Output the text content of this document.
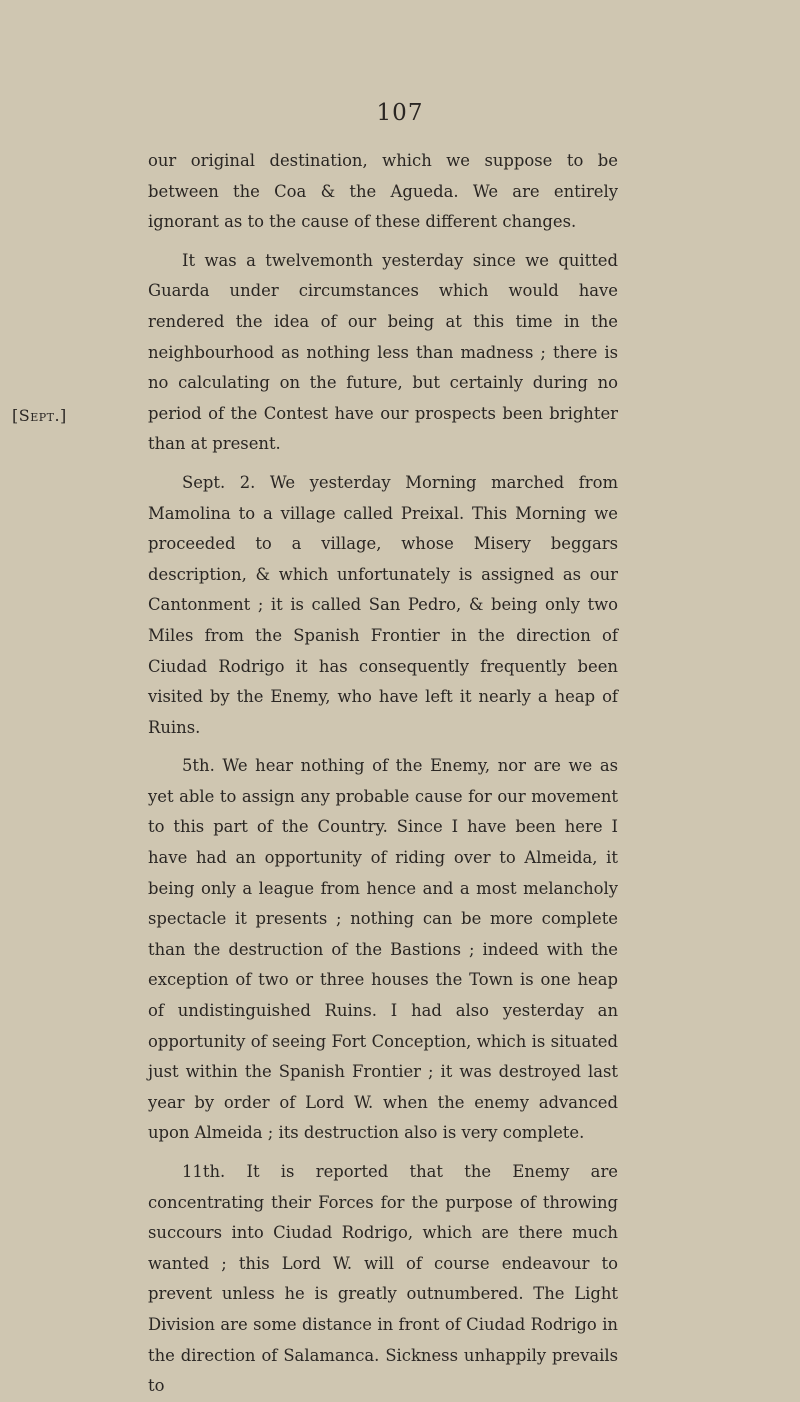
107
[Sept.]

our original destination, which we suppose to be between the Coa & the Agueda. We are entirely ignorant as to the cause of these different changes.

It was a twelvemonth yesterday since we quitted Guarda under circumstances which would have rendered the idea of our being at this time in the neighbourhood as nothing less than madness ; there is no calculating on the future, but certainly during no period of the Contest have our prospects been brighter than at present.

Sept. 2. We yesterday Morning marched from Mamolina to a village called Preixal. This Morning we proceeded to a village, whose Misery beggars description, & which unfortunately is assigned as our Cantonment ; it is called San Pedro, & being only two Miles from the Spanish Frontier in the direction of Ciudad Rodrigo it has consequently frequently been visited by the Enemy, who have left it nearly a heap of Ruins.

5th. We hear nothing of the Enemy, nor are we as yet able to assign any probable cause for our movement to this part of the Country. Since I have been here I have had an opportunity of riding over to Almeida, it being only a league from hence and a most melancholy spectacle it presents ; nothing can be more complete than the destruction of the Bastions ; indeed with the exception of two or three houses the Town is one heap of undistinguished Ruins. I had also yesterday an opportunity of seeing Fort Conception, which is situated just within the Spanish Frontier ; it was destroyed last year by order of Lord W. when the enemy advanced upon Almeida ; its destruction also is very complete.

11th. It is reported that the Enemy are concentrating their Forces for the purpose of throwing succours into Ciudad Rodrigo, which are there much wanted ; this Lord W. will of course endeavour to prevent unless he is greatly outnumbered. The Light Division are some distance in front of Ciudad Rodrigo in the direction of Salamanca. Sickness unhappily prevails to
